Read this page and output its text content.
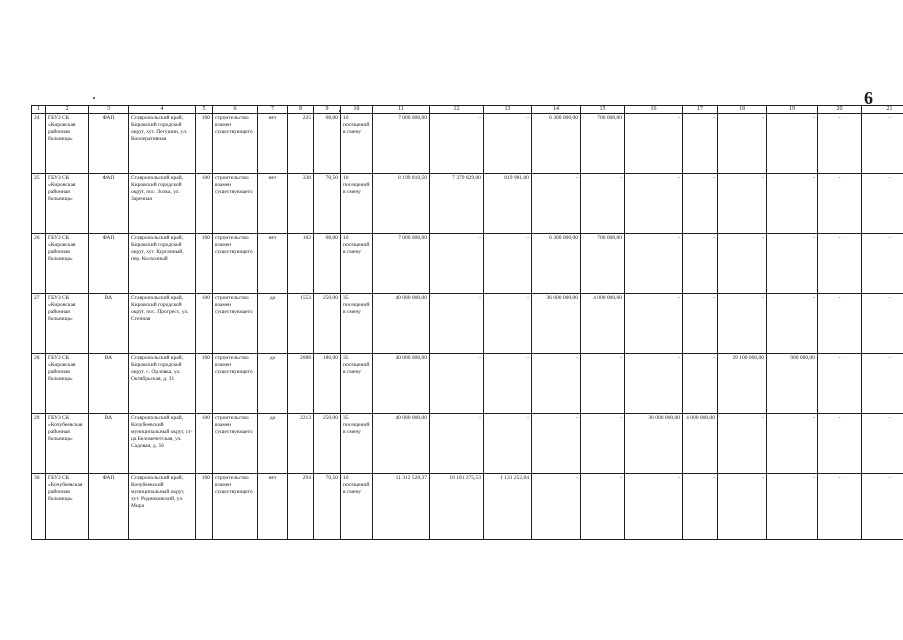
6
1	2	3	4	5	6	7	8	9	10	11	12	13	14	15	16	17	18	19	20	21
24	ГБУЗ СК «Кировская районная больница»	ФАП	Ставропольский край, Кировский городской округ, хут. Пегушин, ул. Кооперативная	100	строительство взамен существующего	нет	225	68,00	10 посещений в смену	7 000 000,00	-	-	6 300 000,00	700 000,00	-	-	-	-	-	-
25	ГБУЗ СК «Кировская районная больница»	ФАП	Ставропольский край, Кировский городской округ, пос. Золка, ул. Заречная	100	строительство взамен существующего	нет	338	70,50	10 посещений в смену	8 199 810,50	7 379 829,00	819 981,00	-	-	-	-	-	-	-	-
26	ГБУЗ СК «Кировская районная больница»	ФАП	Ставропольский край, Кировский городской округ, хут. Курганный, пер. Колхозный	100	строительство взамен существующего	нет	182	68,00	10 посещений в смену	7 000 000,00	-	-	6 300 000,00	700 000,00	-	-	-	-	-	-
27	ГБУЗ СК «Кировская районная больница»	ВА	Ставропольский край, Кировский городской округ, пос. Прогресс, ул. Степная	100	строительство взамен существующего	да	1553	250,00	35 посещений в смену	40 000 000,00	-	-	36 000 000,00	4 000 000,00	-	-	-	-	-	-
28	ГБУЗ СК «Кировская районная больница»	ВА	Ставропольский край, Кировский городской округ, с. Орловка, ул. Октябрьская, д. 31	100	строительство взамен существующего	да	2088	180,00	35 посещений в смену	40 000 000,00	-	-	-	-	-	-	39 100 000,00	900 000,00	-	-
29	ГБУЗ СК «Кочубеевская районная больница»	ВА	Ставропольский край, Кочубеевский муниципальный округ, ст-ца Беломечетская, ул. Садовая, д. 56	100	строительство взамен существующего	да	2213	250,00	35 посещений в смену	40 000 000,00	-	-	-	-	36 000 000,00	4 000 000,00	-	-	-	-
30	ГБУЗ СК «Кочубеевская районная больница»	ФАП	Ставропольский край, Кочубеевский муниципальный округ, хут. Родниковский, ул. Мира	100	строительство взамен существующего	нет	294	70,50	10 посещений в смену	11 312 528,37	10 181 275,53	1 131 252,84	-	-	-	-	-	-	-	-
